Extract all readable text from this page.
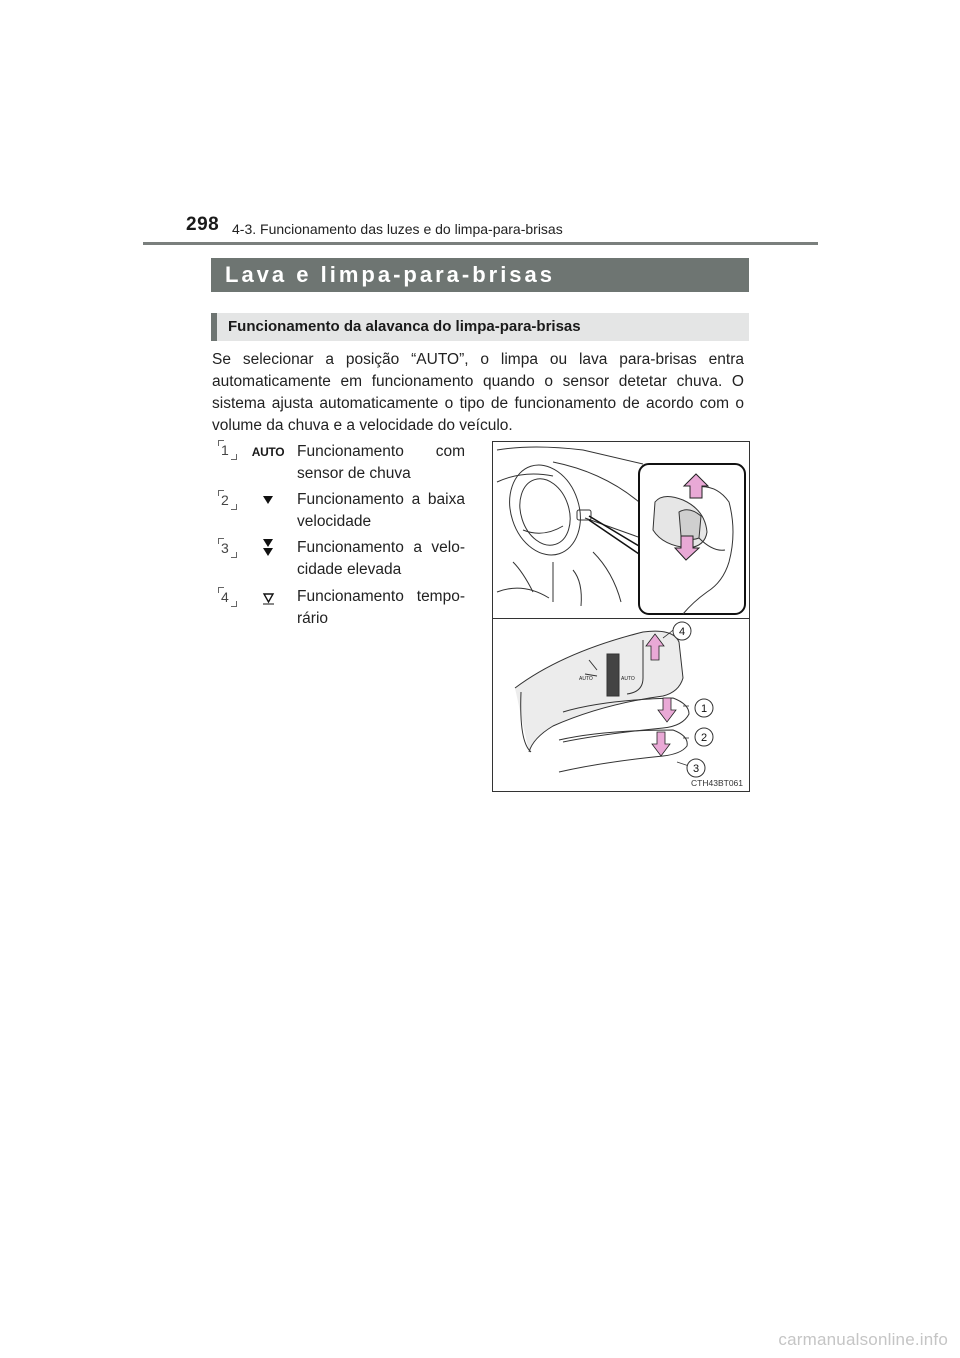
298 4-3. Funcionamento das luzes e do limpa-para-brisas
Lava e limpa-para-brisas
Funcionamento da alavanca do limpa-para-brisas

Se selecionar a posição “AUTO”, o limpa ou lava para-brisas entra automaticamente em funcionamento quando o sensor detetar chuva. O sistema ajusta automaticamente o tipo de funcionamento de acordo com o volume da chuva e a velocidade do veículo.

1	AUTO Funcionamento com sensor de chuva

2	Funcionamento a baixa velocidade

3	Funcionamento a velo-cidade elevada

4	Funcionamento tempo-rário

AUTO	AUTO
4
1
2
3
CTH43BT061
carmanualsonline.info
